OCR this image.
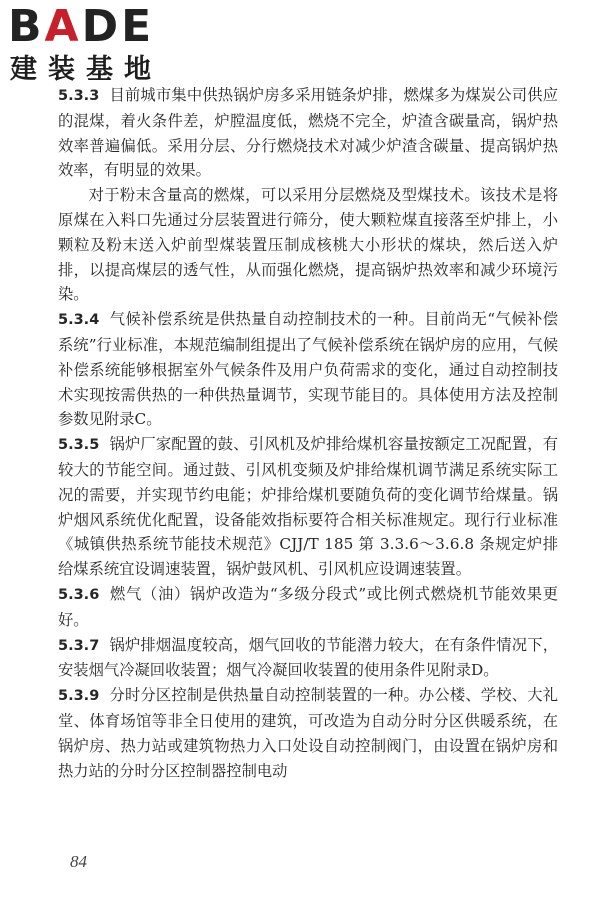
BADE
建装基地

5.3.3 目前城市集中供热锅炉房多采用链条炉排，燃煤多为煤炭公司供应的混煤，着火条件差，炉膛温度低，燃烧不完全，炉渣含碳量高，锅炉热效率普遍偏低。采用分层、分行燃烧技术对减少炉渣含碳量、提高锅炉热效率，有明显的效果。

对于粉末含量高的燃煤，可以采用分层燃烧及型煤技术。该技术是将原煤在入料口先通过分层装置进行筛分，使大颗粒煤直接落至炉排上，小颗粒及粉末送入炉前型煤装置压制成核桃大小形状的煤块，然后送入炉排，以提高煤层的透气性，从而强化燃烧，提高锅炉热效率和减少环境污染。

5.3.4 气候补偿系统是供热量自动控制技术的一种。目前尚无“气候补偿系统”行业标准，本规范编制组提出了气候补偿系统在锅炉房的应用，气候补偿系统能够根据室外气候条件及用户负荷需求的变化，通过自动控制技术实现按需供热的一种供热量调节，实现节能目的。具体使用方法及控制参数见附录C。

5.3.5 锅炉厂家配置的鼓、引风机及炉排给煤机容量按额定工况配置，有较大的节能空间。通过鼓、引风机变频及炉排给煤机调节满足系统实际工况的需要，并实现节约电能；炉排给煤机要随负荷的变化调节给煤量。锅炉烟风系统优化配置，设备能效指标要符合相关标准规定。现行行业标准《城镇供热系统节能技术规范》CJJ/T 185 第 3.3.6～3.6.8 条规定炉排给煤系统宜设调速装置，锅炉鼓风机、引风机应设调速装置。

5.3.6 燃气（油）锅炉改造为“多级分段式”或比例式燃烧机节能效果更好。

5.3.7 锅炉排烟温度较高，烟气回收的节能潜力较大，在有条件情况下，安装烟气冷凝回收装置；烟气冷凝回收装置的使用条件见附录D。

5.3.9 分时分区控制是供热量自动控制装置的一种。办公楼、学校、大礼堂、体育场馆等非全日使用的建筑，可改造为自动分时分区供暖系统，在锅炉房、热力站或建筑物热力入口处设自动控制阀门，由设置在锅炉房和热力站的分时分区控制器控制电动

84
